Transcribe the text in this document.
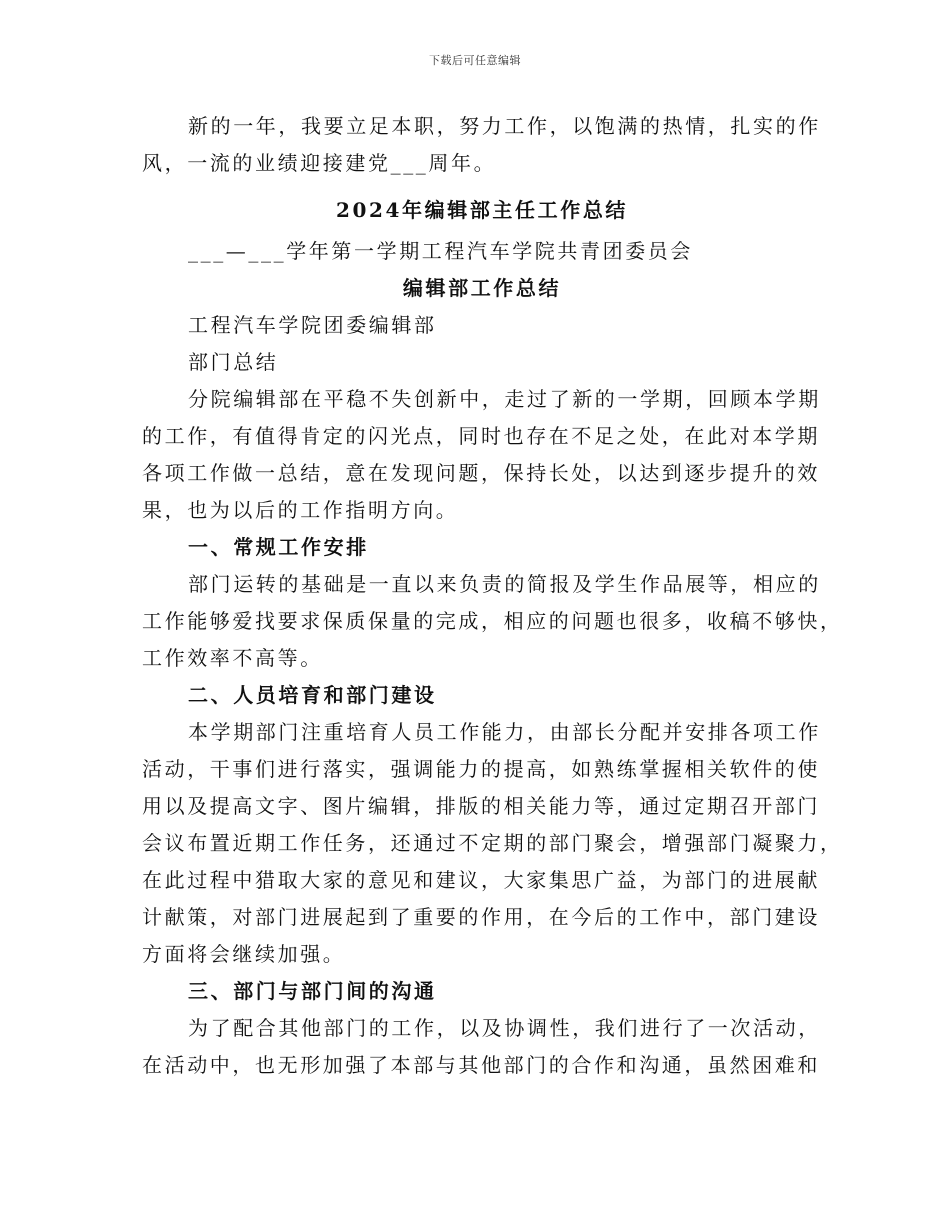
下载后可任意编辑
新的一年，我要立足本职，努力工作，以饱满的热情，扎实的作
风，一流的业绩迎接建党___周年。
2024年编辑部主任工作总结
___—___学年第一学期工程汽车学院共青团委员会
编辑部工作总结
工程汽车学院团委编辑部
部门总结
分院编辑部在平稳不失创新中，走过了新的一学期，回顾本学期
的工作，有值得肯定的闪光点，同时也存在不足之处，在此对本学期
各项工作做一总结，意在发现问题，保持长处，以达到逐步提升的效
果，也为以后的工作指明方向。
一、常规工作安排
部门运转的基础是一直以来负责的简报及学生作品展等，相应的
工作能够爱找要求保质保量的完成，相应的问题也很多，收稿不够快，
工作效率不高等。
二、人员培育和部门建设
本学期部门注重培育人员工作能力，由部长分配并安排各项工作
活动，干事们进行落实，强调能力的提高，如熟练掌握相关软件的使
用以及提高文字、图片编辑，排版的相关能力等，通过定期召开部门
会议布置近期工作任务，还通过不定期的部门聚会，增强部门凝聚力，
在此过程中猎取大家的意见和建议，大家集思广益，为部门的进展献
计献策，对部门进展起到了重要的作用，在今后的工作中，部门建设
方面将会继续加强。
三、部门与部门间的沟通
为了配合其他部门的工作，以及协调性，我们进行了一次活动，
在活动中，也无形加强了本部与其他部门的合作和沟通，虽然困难和
